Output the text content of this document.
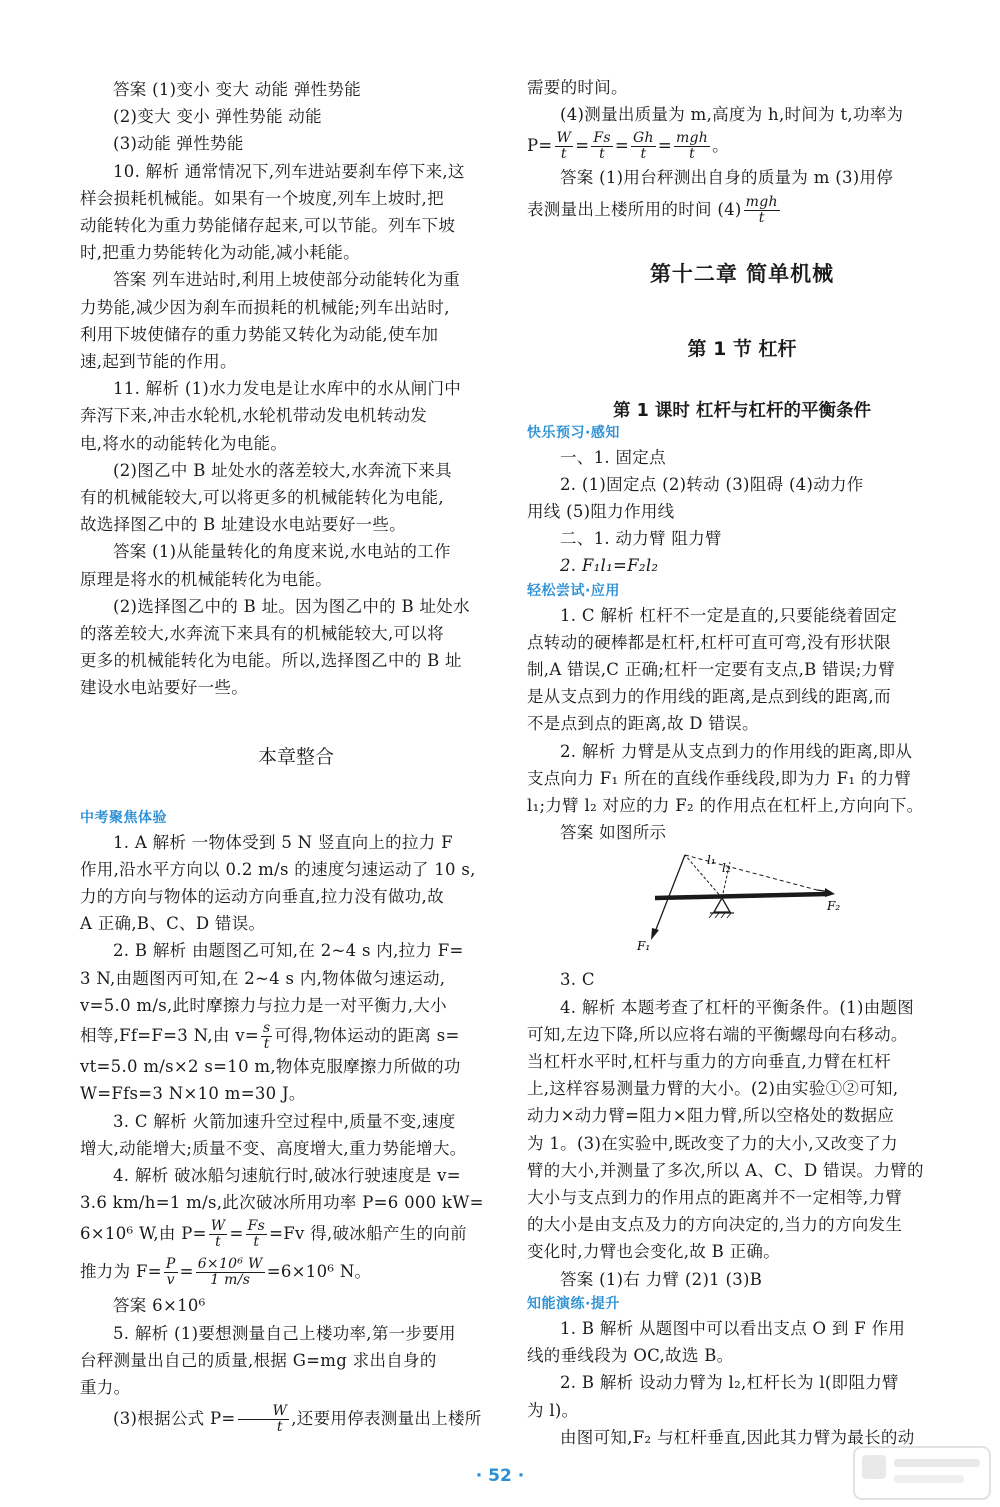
答案 (1)变小 变大 动能 弹性势能

(2)变大 变小 弹性势能 动能

(3)动能 弹性势能

10. 解析 通常情况下,列车进站要刹车停下来,这

样会损耗机械能。如果有一个坡度,列车上坡时,把

动能转化为重力势能储存起来,可以节能。列车下坡

时,把重力势能转化为动能,减小耗能。

答案 列车进站时,利用上坡使部分动能转化为重

力势能,减少因为刹车而损耗的机械能;列车出站时,

利用下坡使储存的重力势能又转化为动能,使车加

速,起到节能的作用。

11. 解析 (1)水力发电是让水库中的水从闸门中

奔泻下来,冲击水轮机,水轮机带动发电机转动发

电,将水的动能转化为电能。

(2)图乙中 B 址处水的落差较大,水奔流下来具

有的机械能较大,可以将更多的机械能转化为电能,

故选择图乙中的 B 址建设水电站要好一些。

答案 (1)从能量转化的角度来说,水电站的工作

原理是将水的机械能转化为电能。

(2)选择图乙中的 B 址。因为图乙中的 B 址处水

的落差较大,水奔流下来具有的机械能较大,可以将

更多的机械能转化为电能。所以,选择图乙中的 B 址

建设水电站要好一些。

本章整合

中考聚焦体验

1. A 解析 一物体受到 5 N 竖直向上的拉力 F

作用,沿水平方向以 0.2 m/s 的速度匀速运动了 10 s,

力的方向与物体的运动方向垂直,拉力没有做功,故

A 正确,B、C、D 错误。

2. B 解析 由题图乙可知,在 2~4 s 内,拉力 F=

3 N,由题图丙可知,在 2~4 s 内,物体做匀速运动,

v=5.0 m/s,此时摩擦力与拉力是一对平衡力,大小

相等,Ff=F=3 N,由 $v= \frac{s}{t}$ 可得,物体运动的距离 s=

vt=5.0 m/s×2 s=10 m,物体克服摩擦力所做的功

W=Ffs=3 N×10 m=30 J。

3. C 解析 火箭加速升空过程中,质量不变,速度

增大,动能增大;质量不变、高度增大,重力势能增大。

4. 解析 破冰船匀速航行时,破冰行驶速度是 v=

3.6 km/h=1 m/s,此次破冰所用功率 P=6 000 kW=

6×10⁶ W,由 $P= \frac{W}{t} = \frac{Fs}{t} =Fv$ 得,破冰船产生的向前

推力为 $F= \frac{P}{v} = \frac{\text{6×10⁶ W}}{1 m/s} =6\times 10^6$ N。

答案 6×10⁶

5. 解析 (1)要想测量自己上楼功率,第一步要用

台秤测量出自己的质量,根据 G=mg 求出自身的

重力。

(3)根据公式 $P= \frac{W}{t}$ ,还要用停表测量出上楼所

需要的时间。

(4)测量出质量为 m,高度为 h,时间为 t,功率为

$P= \frac{W}{t} = \frac{Fs}{t} = \frac{Gh}{t} = \frac{\text{mgh}}{t}$ 。

答案 (1)用台秤测出自身的质量为 m (3)用停

表测量出上楼所用的时间 $(4) \frac{\text{mgh}}{t}$

第十二章 简单机械

第 1 节 杠杆

第 1 课时 杠杆与杠杆的平衡条件

快乐预习·感知

一、1. 固定点

2. (1)固定点 (2)转动 (3)阻碍 (4)动力作

用线 (5)阻力作用线

二、1. 动力臂 阻力臂

2. F₁l₁=F₂l₂

轻松尝试·应用

1. C 解析 杠杆不一定是直的,只要能绕着固定

点转动的硬棒都是杠杆,杠杆可直可弯,没有形状限

制,A 错误,C 正确;杠杆一定要有支点,B 错误;力臂

是从支点到力的作用线的距离,是点到线的距离,而

不是点到点的距离,故 D 错误。

2. 解析 力臂是从支点到力的作用线的距离,即从

支点向力 F₁ 所在的直线作垂线段,即为力 F₁ 的力臂

l₁;力臂 l₂ 对应的力 F₂ 的作用点在杠杆上,方向向下。

答案 如图所示

l₁
l₂
F₁
F₂

3. C

4. 解析 本题考查了杠杆的平衡条件。(1)由题图

可知,左边下降,所以应将右端的平衡螺母向右移动。

当杠杆水平时,杠杆与重力的方向垂直,力臂在杠杆

上,这样容易测量力臂的大小。(2)由实验①②可知,

动力×动力臂=阻力×阻力臂,所以空格处的数据应

为 1。(3)在实验中,既改变了力的大小,又改变了力

臂的大小,并测量了多次,所以 A、C、D 错误。力臂的

大小与支点到力的作用点的距离并不一定相等,力臂

的大小是由支点及力的方向决定的,当力的方向发生

变化时,力臂也会变化,故 B 正确。

答案 (1)右 力臂 (2)1 (3)B

知能演练·提升

1. B 解析 从题图中可以看出支点 O 到 F 作用

线的垂线段为 OC,故选 B。

2. B 解析 设动力臂为 l₂,杠杆长为 l(即阻力臂

为 l)。

由图可知,F₂ 与杠杆垂直,因此其力臂为最长的动

· 52 ·
